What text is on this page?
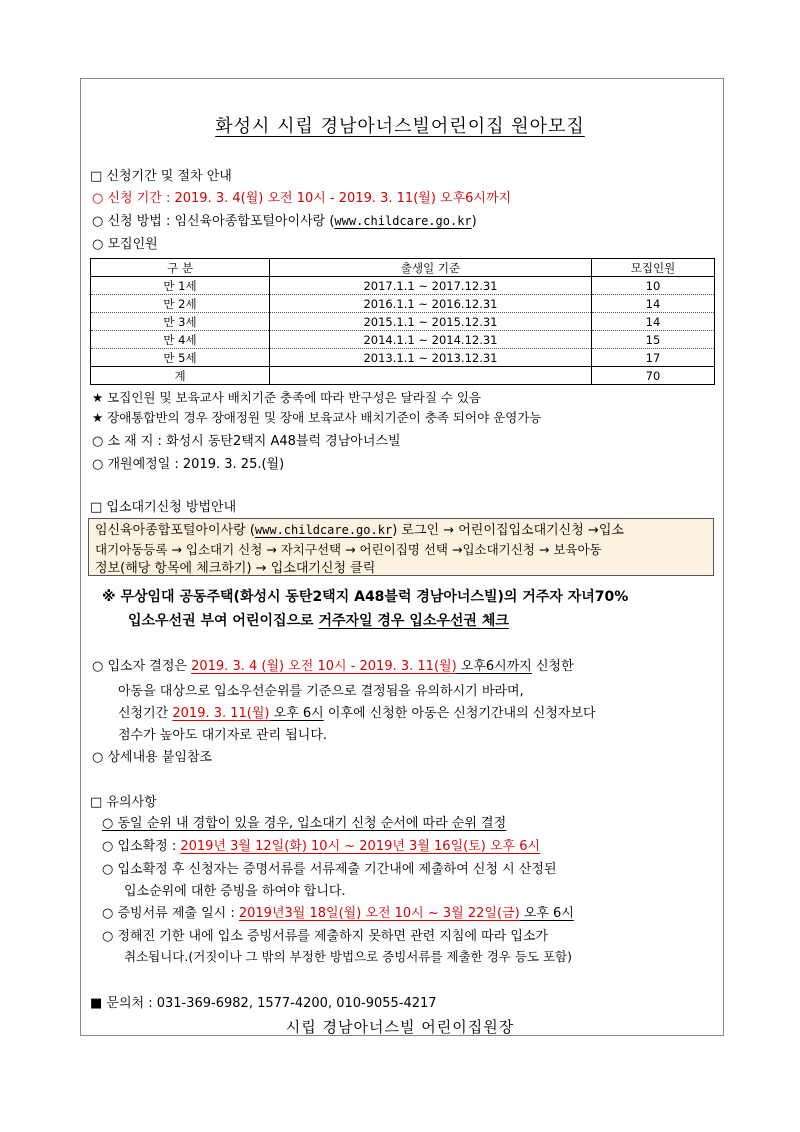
화성시 시립 경남아너스빌어린이집 원아모집
□ 신청기간 및 절차 안내
○ 신청 기간 : 2019. 3. 4(월) 오전 10시 - 2019. 3. 11(월) 오후6시까지
○ 신청 방법 : 임신육아종합포털아이사랑 (www.childcare.go.kr)
○ 모집인원
구 분	출생일 기준	모집인원
만 1세	2017.1.1 ~ 2017.12.31	10
만 2세	2016.1.1 ~ 2016.12.31	14
만 3세	2015.1.1 ~ 2015.12.31	14
만 4세	2014.1.1 ~ 2014.12.31	15
만 5세	2013.1.1 ~ 2013.12.31	17
계		70
★ 모집인원 및 보육교사 배치기준 충족에 따라 반구성은 달라질 수 있음
★ 장애통합반의 경우 장애정원 및 장애 보육교사 배치기준이 충족 되어야 운영가능
○ 소 재 지 : 화성시 동탄2택지 A48블럭 경남아너스빌
○ 개원예정일 : 2019. 3. 25.(월)
□ 입소대기신청 방법안내
임신육아종합포털아이사랑 (www.childcare.go.kr) 로그인 → 어린이집입소대기신청 →입소
대기아동등록 → 입소대기 신청 → 자치구선택 → 어린이집명 선택 →입소대기신청 → 보육아동
정보(해당 항목에 체크하기) → 입소대기신청 클릭
※ 무상임대 공동주택(화성시 동탄2택지 A48블럭 경남아너스빌)의 거주자 자녀70%
입소우선권 부여 어린이집으로 거주자일 경우 입소우선권 체크
○ 입소자 결정은 2019. 3. 4 (월) 오전 10시 - 2019. 3. 11(월) 오후6시까지 신청한
아동을 대상으로 입소우선순위를 기준으로 결정됨을 유의하시기 바라며,
신청기간 2019. 3. 11(월) 오후 6시 이후에 신청한 아동은 신청기간내의 신청자보다
점수가 높아도 대기자로 관리 됩니다.
○ 상세내용 붙임참조
□ 유의사항
○ 동일 순위 내 경합이 있을 경우, 입소대기 신청 순서에 따라 순위 결정
○ 입소확정 : 2019년 3월 12일(화) 10시 ~ 2019년 3월 16일(토) 오후 6시
○ 입소확정 후 신청자는 증명서류를 서류제출 기간내에 제출하여 신청 시 산정된
입소순위에 대한 증빙을 하여야 합니다.
○ 증빙서류 제출 일시 : 2019년3월 18일(월) 오전 10시 ~ 3월 22일(금) 오후 6시
○ 정해진 기한 내에 입소 증빙서류를 제출하지 못하면 관련 지침에 따라 입소가
취소됩니다.(거짓이나 그 밖의 부정한 방법으로 증빙서류를 제출한 경우 등도 포함)
■ 문의처 : 031-369-6982, 1577-4200, 010-9055-4217
시립 경남아너스빌 어린이집원장
